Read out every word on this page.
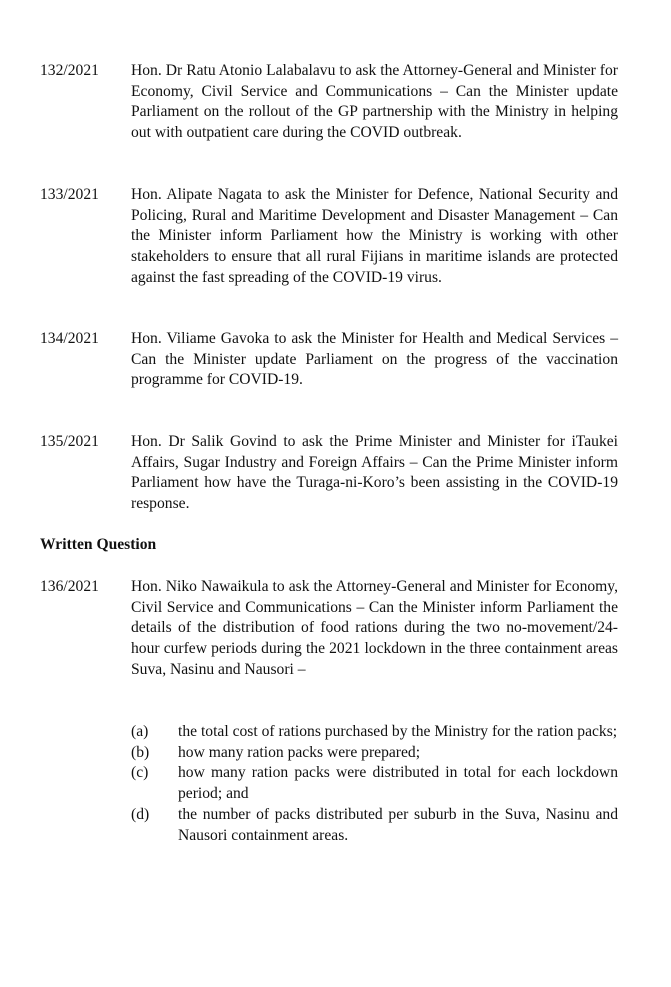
132/2021	Hon. Dr Ratu Atonio Lalabalavu to ask the Attorney-General and Minister for Economy, Civil Service and Communications – Can the Minister update Parliament on the rollout of the GP partnership with the Ministry in helping out with outpatient care during the COVID outbreak.
133/2021	Hon. Alipate Nagata to ask the Minister for Defence, National Security and Policing, Rural and Maritime Development and Disaster Management – Can the Minister inform Parliament how the Ministry is working with other stakeholders to ensure that all rural Fijians in maritime islands are protected against the fast spreading of the COVID-19 virus.
134/2021	Hon. Viliame Gavoka to ask the Minister for Health and Medical Services – Can the Minister update Parliament on the progress of the vaccination programme for COVID-19.
135/2021	Hon. Dr Salik Govind to ask the Prime Minister and Minister for iTaukei Affairs, Sugar Industry and Foreign Affairs – Can the Prime Minister inform Parliament how have the Turaga-ni-Koro’s been assisting in the COVID-19 response.
Written Question
136/2021	Hon. Niko Nawaikula to ask the Attorney-General and Minister for Economy, Civil Service and Communications – Can the Minister inform Parliament the details of the distribution of food rations during the two no-movement/24-hour curfew periods during the 2021 lockdown in the three containment areas Suva, Nasinu and Nausori –
(a) the total cost of rations purchased by the Ministry for the ration packs;
(b) how many ration packs were prepared;
(c) how many ration packs were distributed in total for each lockdown period; and
(d) the number of packs distributed per suburb in the Suva, Nasinu and Nausori containment areas.
